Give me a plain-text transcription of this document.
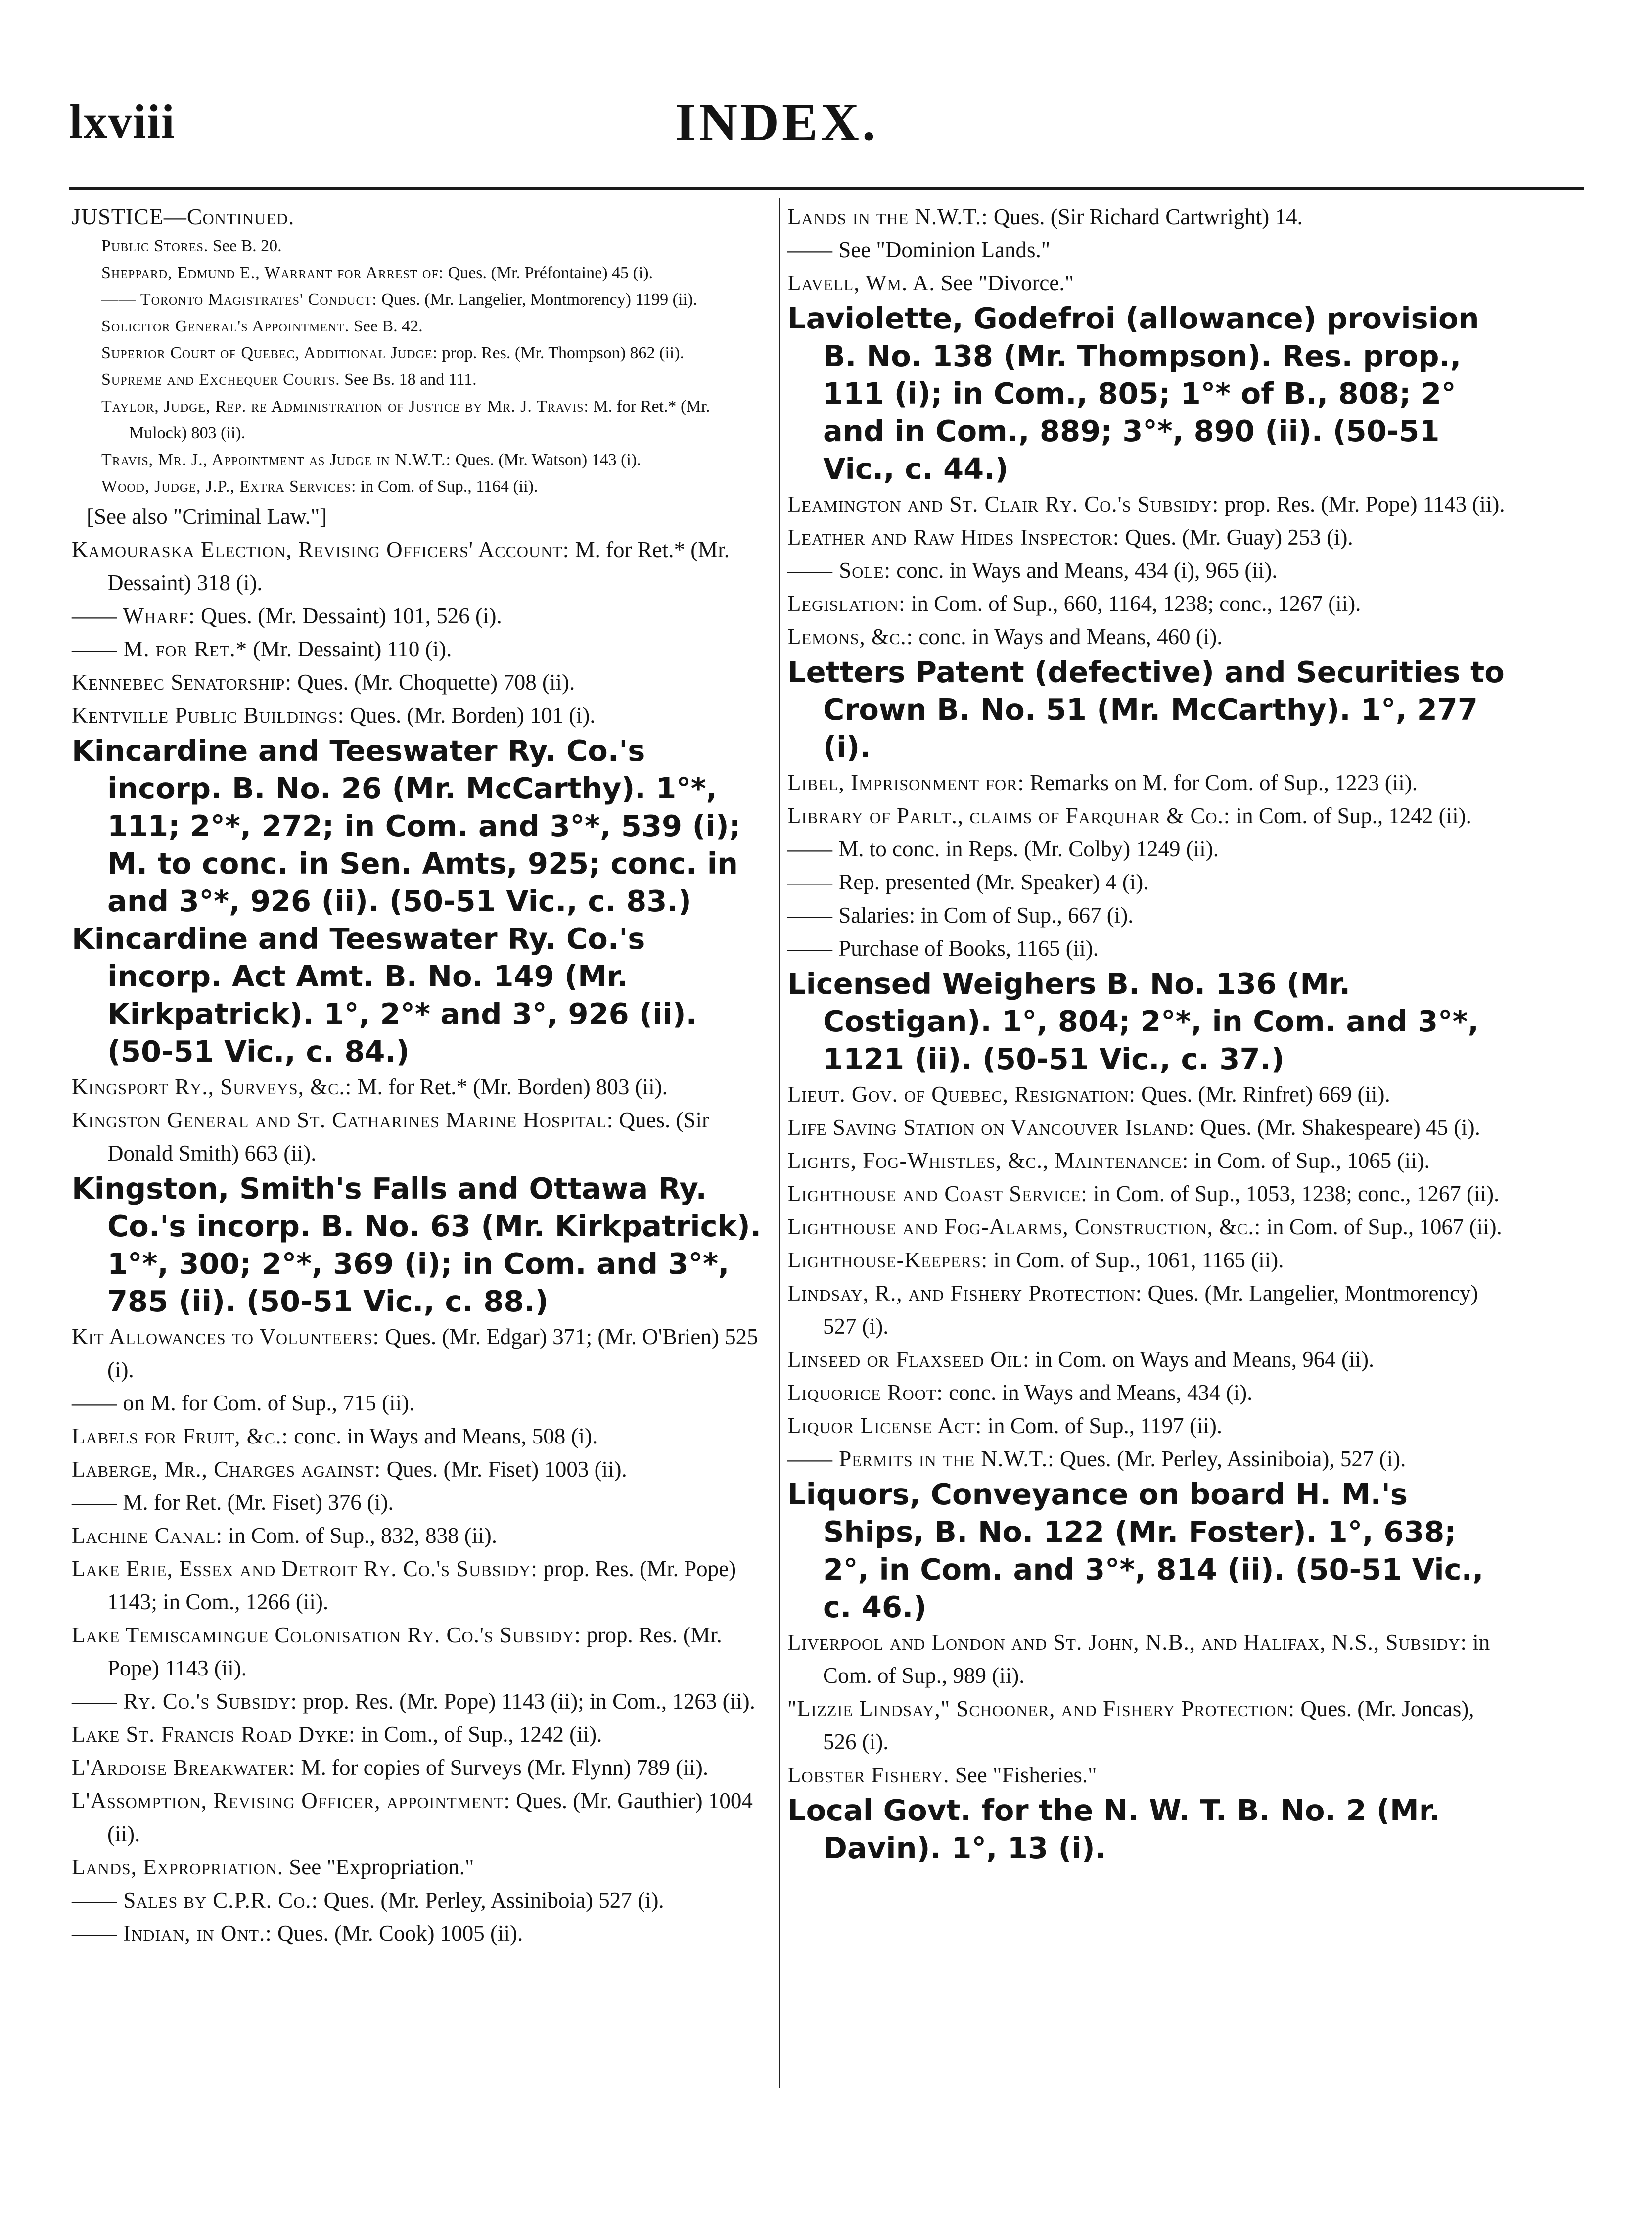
lxviii	INDEX.
JUSTICE—Continued.
Public Stores. See B. 20.
Sheppard, Edmund E., Warrant for Arrest of: Ques. (Mr. Préfontaine) 45 (i).
—— Toronto Magistrates' Conduct: Ques. (Mr. Langelier, Montmorency) 1199 (ii).
Solicitor General's Appointment. See B. 42.
Superior Court of Quebec, Additional Judge: prop. Res. (Mr. Thompson) 862 (ii).
Supreme and Exchequer Courts. See Bs. 18 and 111.
Taylor, Judge, Rep. re Administration of Justice by Mr. J. Travis: M. for Ret.* (Mr. Mulock) 803 (ii).
Travis, Mr. J., Appointment as Judge in N.W.T.: Ques. (Mr. Watson) 143 (i).
Wood, Judge, J.P., Extra Services: in Com. of Sup., 1164 (ii).
[See also "Criminal Law."]
Kamouraska Election, Revising Officers' Account: M. for Ret.* (Mr. Dessaint) 318 (i).
—— Wharf: Ques. (Mr. Dessaint) 101, 526 (i).
—— M. for Ret.* (Mr. Dessaint) 110 (i).
Kennebec Senatorship: Ques. (Mr. Choquette) 708 (ii).
Kentville Public Buildings: Ques. (Mr. Borden) 101 (i).
Kincardine and Teeswater Ry. Co.'s incorp. B. No. 26 (Mr. McCarthy). 1°*, 111; 2°*, 272; in Com. and 3°*, 539 (i); M. to conc. in Sen. Amts, 925; conc. in and 3°*, 926 (ii). (50-51 Vic., c. 83.)
Kincardine and Teeswater Ry. Co.'s incorp. Act Amt. B. No. 149 (Mr. Kirkpatrick). 1°, 2°* and 3°, 926 (ii). (50-51 Vic., c. 84.)
Kingsport Ry., Surveys, &c.: M. for Ret.* (Mr. Borden) 803 (ii).
Kingston General and St. Catharines Marine Hospital: Ques. (Sir Donald Smith) 663 (ii).
Kingston, Smith's Falls and Ottawa Ry. Co.'s incorp. B. No. 63 (Mr. Kirkpatrick). 1°*, 300; 2°*, 369 (i); in Com. and 3°*, 785 (ii). (50-51 Vic., c. 88.)
Kit Allowances to Volunteers: Ques. (Mr. Edgar) 371; (Mr. O'Brien) 525 (i).
—— on M. for Com. of Sup., 715 (ii).
Labels for Fruit, &c.: conc. in Ways and Means, 508 (i).
Laberge, Mr., Charges against: Ques. (Mr. Fiset) 1003 (ii).
—— M. for Ret. (Mr. Fiset) 376 (i).
Lachine Canal: in Com. of Sup., 832, 838 (ii).
Lake Erie, Essex and Detroit Ry. Co.'s Subsidy: prop. Res. (Mr. Pope) 1143; in Com., 1266 (ii).
Lake Temiscamingue Colonisation Ry. Co.'s Subsidy: prop. Res. (Mr. Pope) 1143 (ii).
—— Ry. Co.'s Subsidy: prop. Res. (Mr. Pope) 1143 (ii); in Com., 1263 (ii).
Lake St. Francis Road Dyke: in Com., of Sup., 1242 (ii).
L'Ardoise Breakwater: M. for copies of Surveys (Mr. Flynn) 789 (ii).
L'Assomption, Revising Officer, appointment: Ques. (Mr. Gauthier) 1004 (ii).
Lands, Expropriation. See "Expropriation."
—— Sales by C.P.R. Co.: Ques. (Mr. Perley, Assiniboia) 527 (i).
—— Indian, in Ont.: Ques. (Mr. Cook) 1005 (ii).
Lands in the N.W.T.: Ques. (Sir Richard Cartwright) 14.
—— See "Dominion Lands."
Lavell, Wm. A. See "Divorce."
Laviolette, Godefroi (allowance) provision B. No. 138 (Mr. Thompson). Res. prop., 111 (i); in Com., 805; 1°* of B., 808; 2° and in Com., 889; 3°*, 890 (ii). (50-51 Vic., c. 44.)
Leamington and St. Clair Ry. Co.'s Subsidy: prop. Res. (Mr. Pope) 1143 (ii).
Leather and Raw Hides Inspector: Ques. (Mr. Guay) 253 (i).
—— Sole: conc. in Ways and Means, 434 (i), 965 (ii).
Legislation: in Com. of Sup., 660, 1164, 1238; conc., 1267 (ii).
Lemons, &c.: conc. in Ways and Means, 460 (i).
Letters Patent (defective) and Securities to Crown B. No. 51 (Mr. McCarthy). 1°, 277 (i).
Libel, Imprisonment for: Remarks on M. for Com. of Sup., 1223 (ii).
Library of Parlt., claims of Farquhar & Co.: in Com. of Sup., 1242 (ii).
—— M. to conc. in Reps. (Mr. Colby) 1249 (ii).
—— Rep. presented (Mr. Speaker) 4 (i).
—— Salaries: in Com of Sup., 667 (i).
—— Purchase of Books, 1165 (ii).
Licensed Weighers B. No. 136 (Mr. Costigan). 1°, 804; 2°*, in Com. and 3°*, 1121 (ii). (50-51 Vic., c. 37.)
Lieut. Gov. of Quebec, Resignation: Ques. (Mr. Rinfret) 669 (ii).
Life Saving Station on Vancouver Island: Ques. (Mr. Shakespeare) 45 (i).
Lights, Fog-Whistles, &c., Maintenance: in Com. of Sup., 1065 (ii).
Lighthouse and Coast Service: in Com. of Sup., 1053, 1238; conc., 1267 (ii).
Lighthouse and Fog-Alarms, Construction, &c.: in Com. of Sup., 1067 (ii).
Lighthouse-Keepers: in Com. of Sup., 1061, 1165 (ii).
Lindsay, R., and Fishery Protection: Ques. (Mr. Langelier, Montmorency) 527 (i).
Linseed or Flaxseed Oil: in Com. on Ways and Means, 964 (ii).
Liquorice Root: conc. in Ways and Means, 434 (i).
Liquor License Act: in Com. of Sup., 1197 (ii).
—— Permits in the N.W.T.: Ques. (Mr. Perley, Assiniboia), 527 (i).
Liquors, Conveyance on board H. M.'s Ships, B. No. 122 (Mr. Foster). 1°, 638; 2°, in Com. and 3°*, 814 (ii). (50-51 Vic., c. 46.)
Liverpool and London and St. John, N.B., and Halifax, N.S., Subsidy: in Com. of Sup., 989 (ii).
"Lizzie Lindsay," Schooner, and Fishery Protection: Ques. (Mr. Joncas), 526 (i).
Lobster Fishery. See "Fisheries."
Local Govt. for the N. W. T. B. No. 2 (Mr. Davin). 1°, 13 (i).
